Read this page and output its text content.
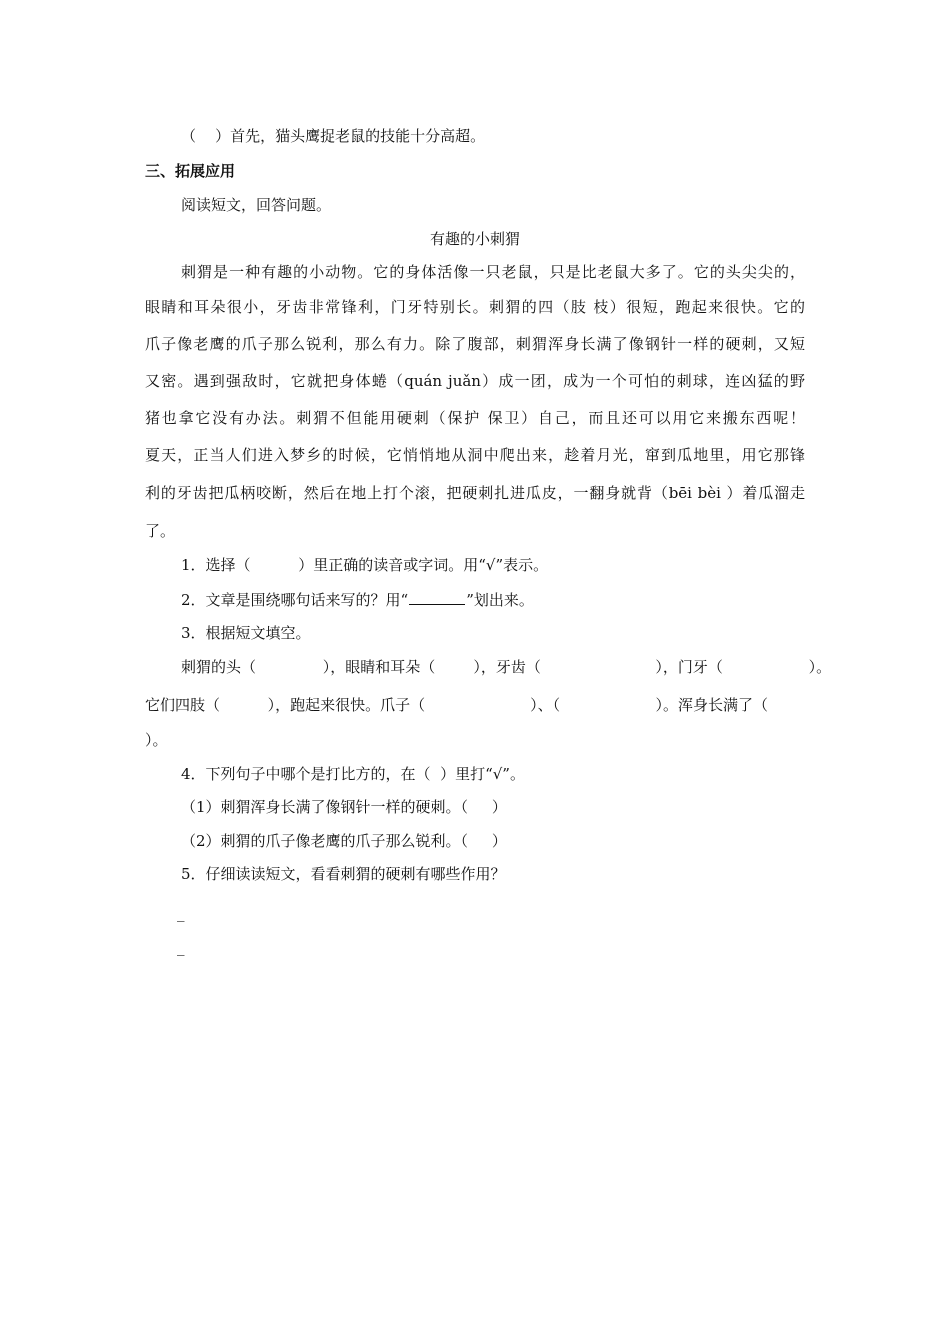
（    ）首先，猫头鹰捉老鼠的技能十分高超。
三、拓展应用
阅读短文，回答问题。
有趣的小刺猬
刺猬是一种有趣的小动物。它的身体活像一只老鼠，只是比老鼠大多了。它的头尖尖的，
眼睛和耳朵很小，牙齿非常锋利，门牙特别长。刺猬的四（肢 枝）很短，跑起来很快。它的
爪子像老鹰的爪子那么锐利，那么有力。除了腹部，刺猬浑身长满了像钢针一样的硬刺，又短
又密。遇到强敌时，它就把身体蜷（quán juǎn）成一团，成为一个可怕的刺球，连凶猛的野
猪也拿它没有办法。刺猬不但能用硬刺（保护 保卫）自己，而且还可以用它来搬东西呢！
夏天，正当人们进入梦乡的时候，它悄悄地从洞中爬出来，趁着月光，窜到瓜地里，用它那锋
利的牙齿把瓜柄咬断，然后在地上打个滚，把硬刺扎进瓜皮，一翻身就背（bēi bèi ）着瓜溜走
了。
1．选择（          ）里正确的读音或字词。用“√”表示。
2．文章是围绕哪句话来写的？用“	”划出来。
3．根据短文填空。
刺猬的头（              ），眼睛和耳朵（        ），牙齿（                        ），门牙（                  ）。
它们四肢（          ），跑起来很快。爪子（                      ）、（                    ）。浑身长满了（
）。
4．下列句子中哪个是打比方的，在（  ）里打“√”。
（1）刺猬浑身长满了像钢针一样的硬刺。（     ）
（2）刺猬的爪子像老鹰的爪子那么锐利。（     ）
5．仔细读读短文，看看刺猬的硬刺有哪些作用？
_
_
